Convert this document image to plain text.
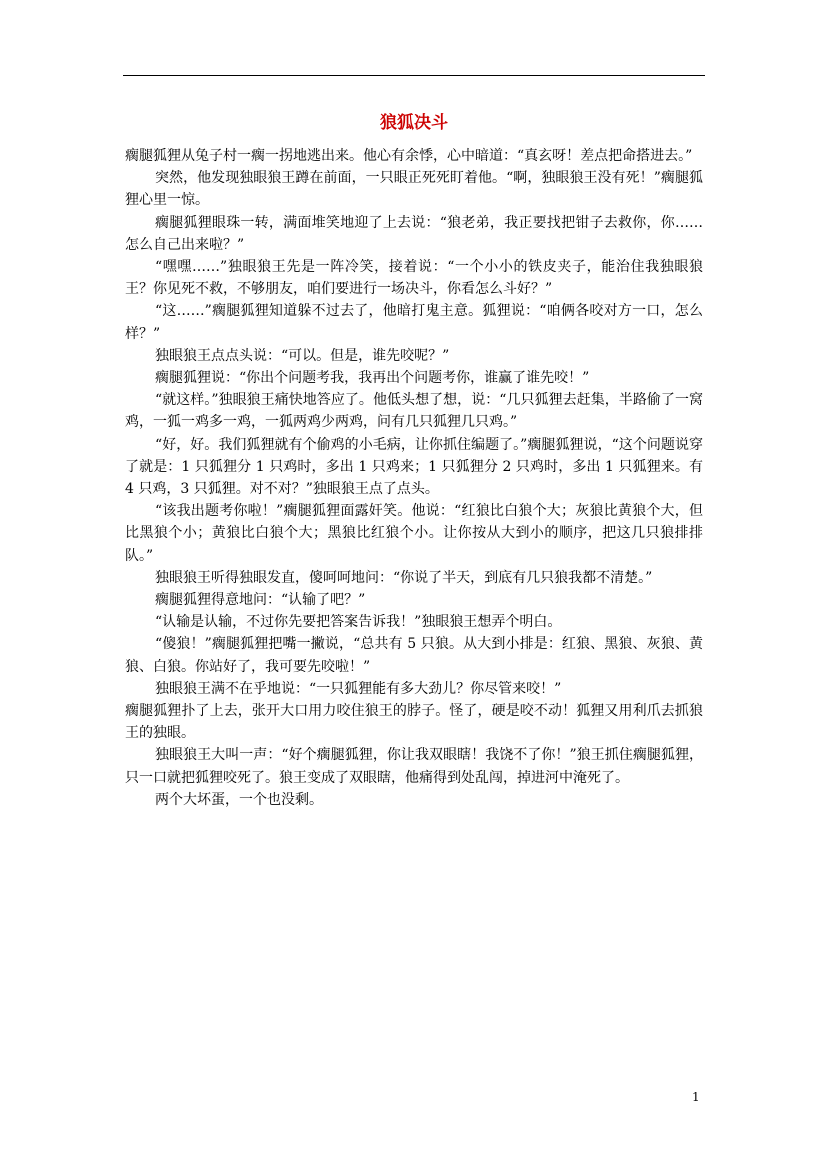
狼狐决斗

瘸腿狐狸从兔子村一瘸一拐地逃出来。他心有余悸，心中暗道：“真玄呀！差点把命搭进去。”

突然，他发现独眼狼王蹲在前面，一只眼正死死盯着他。“啊，独眼狼王没有死！”瘸腿狐狸心里一惊。

瘸腿狐狸眼珠一转，满面堆笑地迎了上去说：“狼老弟，我正要找把钳子去救你，你……怎么自己出来啦？”

“嘿嘿……”独眼狼王先是一阵冷笑，接着说：“一个小小的铁皮夹子，能治住我独眼狼王？你见死不救，不够朋友，咱们要进行一场决斗，你看怎么斗好？”

“这……”瘸腿狐狸知道躲不过去了，他暗打鬼主意。狐狸说：“咱俩各咬对方一口，怎么样？”

独眼狼王点点头说：“可以。但是，谁先咬呢？”

瘸腿狐狸说：“你出个问题考我，我再出个问题考你，谁赢了谁先咬！”

“就这样。”独眼狼王痛快地答应了。他低头想了想，说：“几只狐狸去赶集，半路偷了一窝鸡，一狐一鸡多一鸡，一狐两鸡少两鸡，问有几只狐狸几只鸡。”

“好，好。我们狐狸就有个偷鸡的小毛病，让你抓住编题了。”瘸腿狐狸说，“这个问题说穿了就是：1 只狐狸分 1 只鸡时，多出 1 只鸡来；1 只狐狸分 2 只鸡时，多出 1 只狐狸来。有 4 只鸡，3 只狐狸。对不对？”独眼狼王点了点头。

“该我出题考你啦！”瘸腿狐狸面露奸笑。他说：“红狼比白狼个大；灰狼比黄狼个大，但比黑狼个小；黄狼比白狼个大；黑狼比红狼个小。让你按从大到小的顺序，把这几只狼排排队。”

独眼狼王听得独眼发直，傻呵呵地问：“你说了半天，到底有几只狼我都不清楚。”

瘸腿狐狸得意地问：“认输了吧？”

“认输是认输，不过你先要把答案告诉我！”独眼狼王想弄个明白。

“傻狼！”瘸腿狐狸把嘴一撇说，“总共有 5 只狼。从大到小排是：红狼、黑狼、灰狼、黄狼、白狼。你站好了，我可要先咬啦！”

独眼狼王满不在乎地说：“一只狐狸能有多大劲儿？你尽管来咬！”

瘸腿狐狸扑了上去，张开大口用力咬住狼王的脖子。怪了，硬是咬不动！狐狸又用利爪去抓狼王的独眼。

独眼狼王大叫一声：“好个瘸腿狐狸，你让我双眼瞎！我饶不了你！”狼王抓住瘸腿狐狸，只一口就把狐狸咬死了。狼王变成了双眼瞎，他痛得到处乱闯，掉进河中淹死了。

两个大坏蛋，一个也没剩。

1
